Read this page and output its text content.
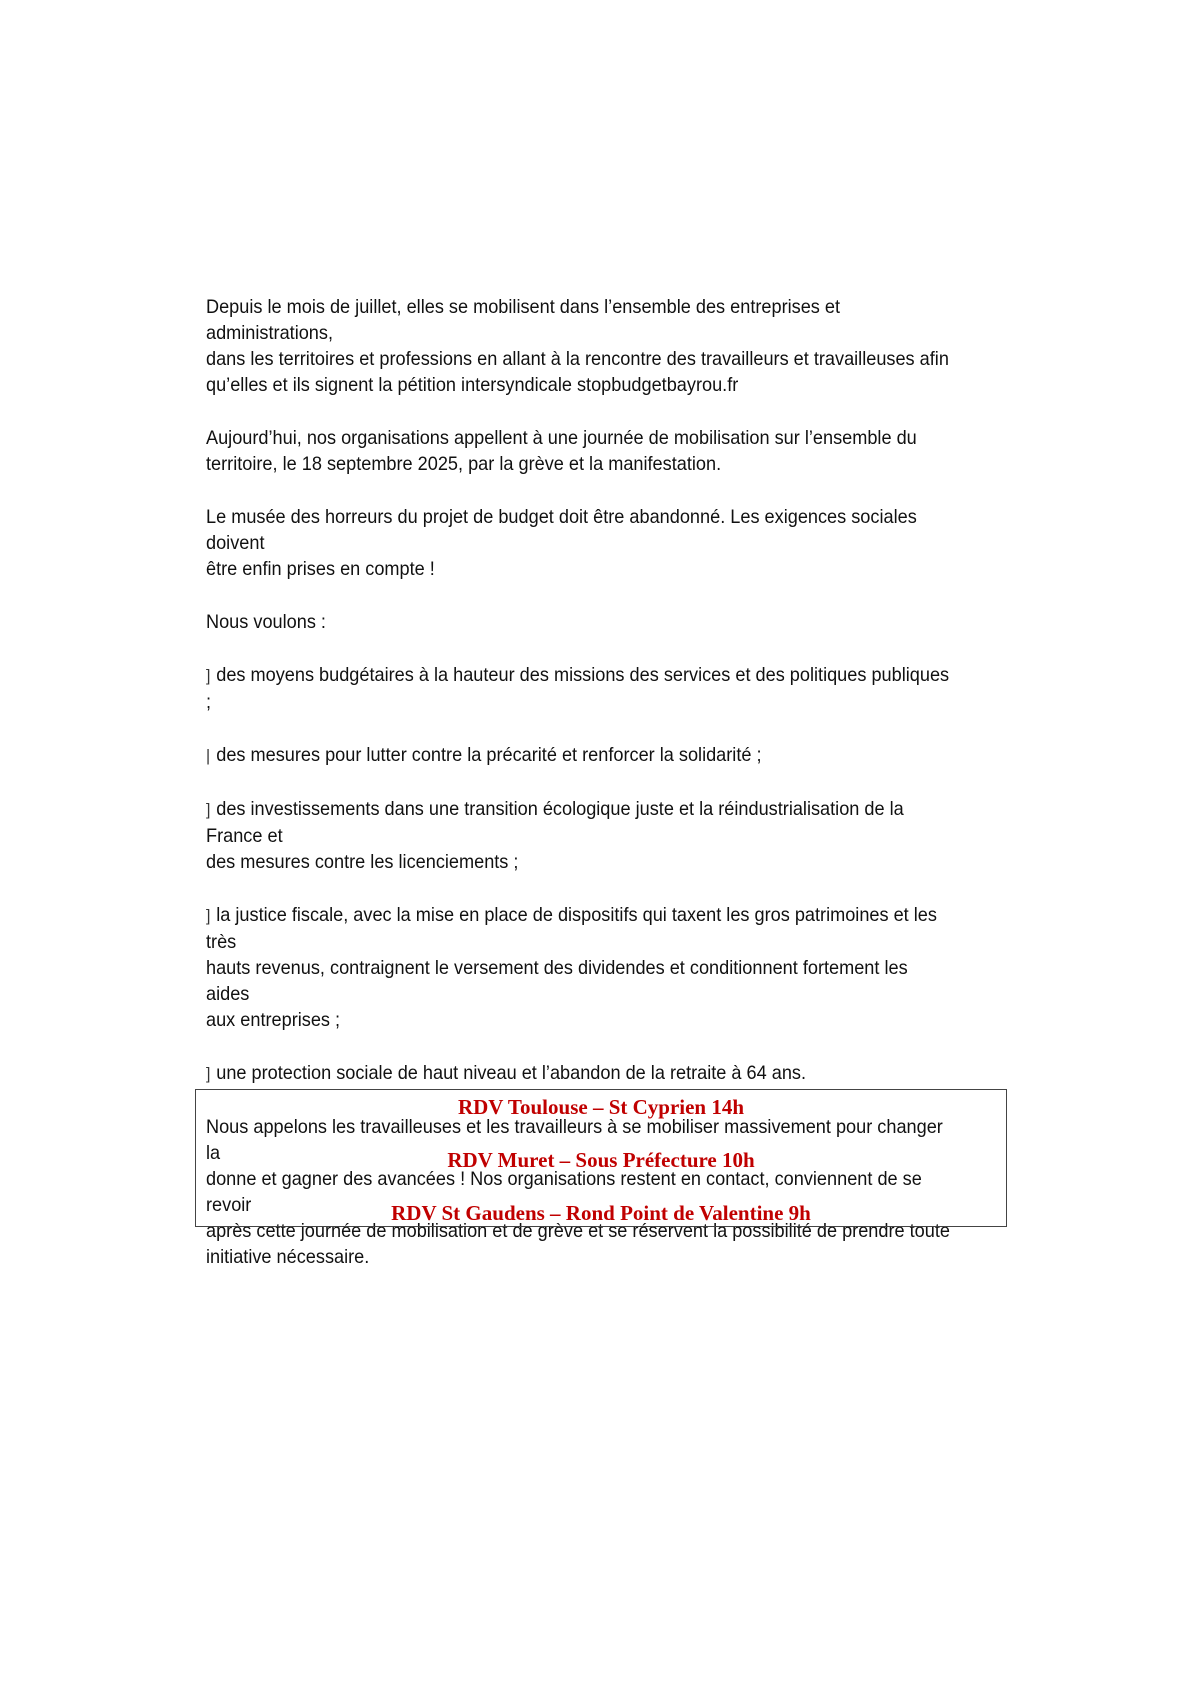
Depuis le mois de juillet, elles se mobilisent dans l’ensemble des entreprises et administrations,
dans les territoires et professions en allant à la rencontre des travailleurs et travailleuses afin
qu’elles et ils signent la pétition intersyndicale stopbudgetbayrou.fr

Aujourd’hui, nos organisations appellent à une journée de mobilisation sur l’ensemble du
territoire, le 18 septembre 2025, par la grève et la manifestation.

Le musée des horreurs du projet de budget doit être abandonné. Les exigences sociales doivent
être enfin prises en compte !

Nous voulons :

] des moyens budgétaires à la hauteur des missions des services et des politiques publiques ;

| des mesures pour lutter contre la précarité et renforcer la solidarité ;

] des investissements dans une transition écologique juste et la réindustrialisation de la France et
des mesures contre les licenciements ;

] la justice fiscale, avec la mise en place de dispositifs qui taxent les gros patrimoines et les très
hauts revenus, contraignent le versement des dividendes et conditionnent fortement les aides
aux entreprises ;

] une protection sociale de haut niveau et l’abandon de la retraite à 64 ans.

Nous appelons les travailleuses et les travailleurs à se mobiliser massivement pour changer la
donne et gagner des avancées ! Nos organisations restent en contact, conviennent de se revoir
après cette journée de mobilisation et de grève et se réservent la possibilité de prendre toute
initiative nécessaire.

RDV Toulouse – St Cyprien 14h
RDV Muret – Sous Préfecture 10h
RDV St Gaudens – Rond Point de Valentine 9h
